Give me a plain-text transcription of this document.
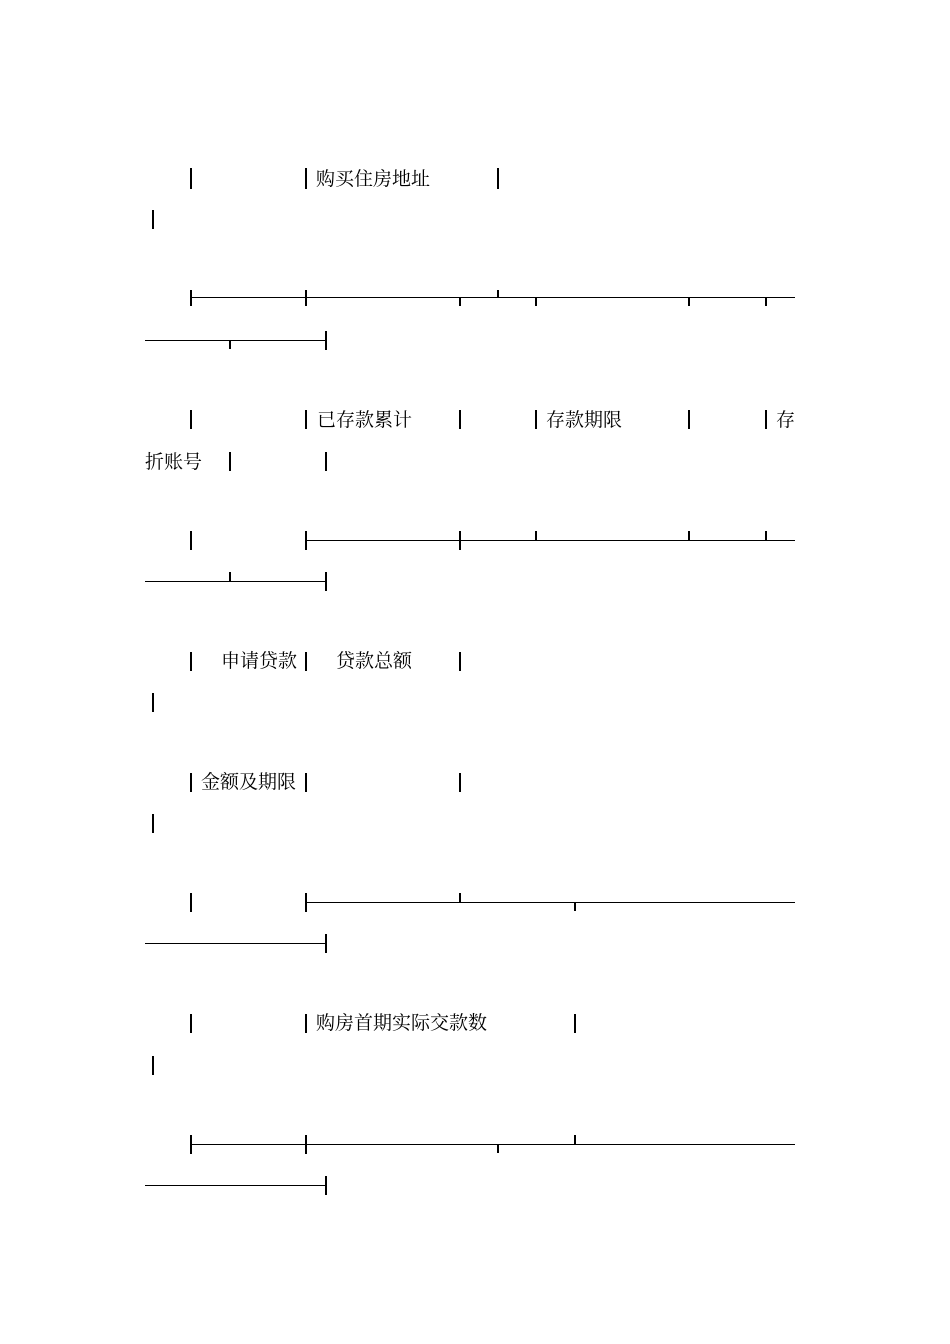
购买住房地址
已存款累计	存款期限	存
折账号
申请贷款 贷款总额
金额及期限
购房首期实际交款数
